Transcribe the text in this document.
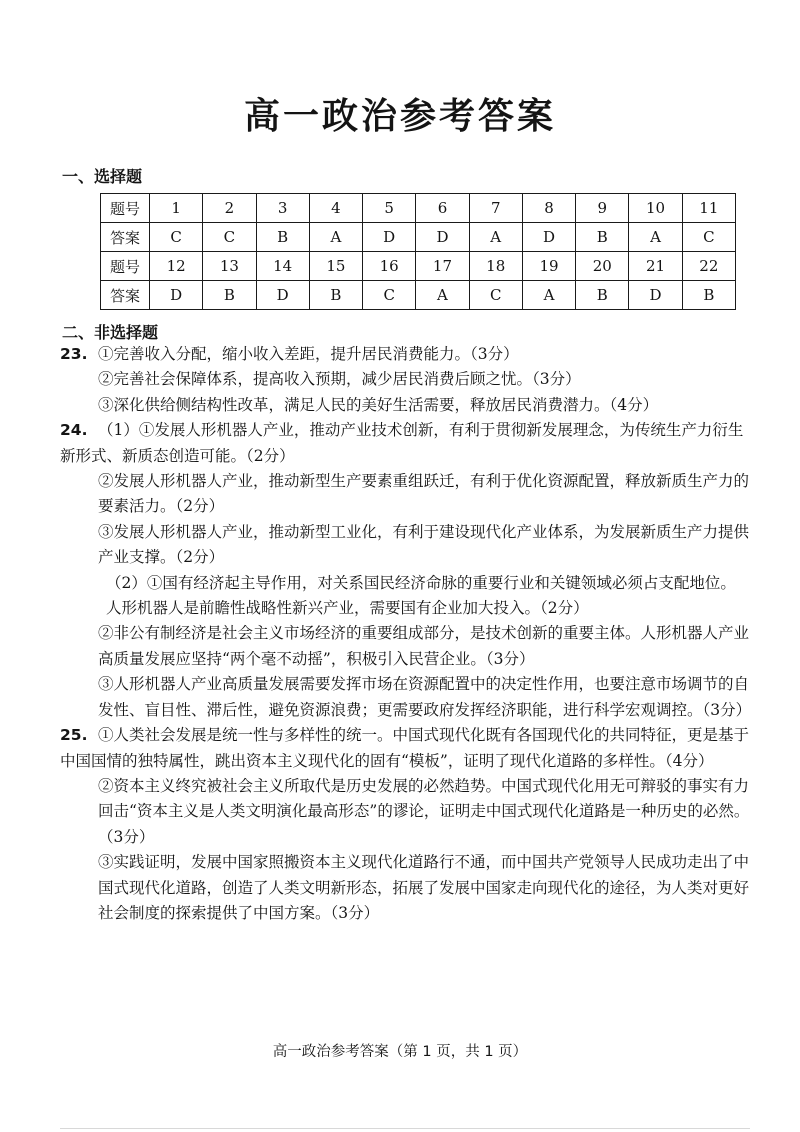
高一政治参考答案
一、选择题
题号	1	2	3	4	5	6	7	8	9	10	11
答案	C	C	B	A	D	D	A	D	B	A	C
题号	12	13	14	15	16	17	18	19	20	21	22
答案	D	B	D	B	C	A	C	A	B	D	B
二、非选择题

23. ①完善收入分配，缩小收入差距，提升居民消费能力。（3分）

②完善社会保障体系，提高收入预期，减少居民消费后顾之忧。（3分）

③深化供给侧结构性改革，满足人民的美好生活需要，释放居民消费潜力。（4分）

24. （1）①发展人形机器人产业，推动产业技术创新，有利于贯彻新发展理念，为传统生产力衍生新形式、新质态创造可能。（2分）

②发展人形机器人产业，推动新型生产要素重组跃迁，有利于优化资源配置，释放新质生产力的要素活力。（2分）

③发展人形机器人产业，推动新型工业化，有利于建设现代化产业体系，为发展新质生产力提供产业支撑。（2分）

（2）①国有经济起主导作用，对关系国民经济命脉的重要行业和关键领域必须占支配地位。人形机器人是前瞻性战略性新兴产业，需要国有企业加大投入。（2分）

②非公有制经济是社会主义市场经济的重要组成部分，是技术创新的重要主体。人形机器人产业高质量发展应坚持“两个毫不动摇”，积极引入民营企业。（3分）

③人形机器人产业高质量发展需要发挥市场在资源配置中的决定性作用，也要注意市场调节的自发性、盲目性、滞后性，避免资源浪费；更需要政府发挥经济职能，进行科学宏观调控。（3分）

25. ①人类社会发展是统一性与多样性的统一。中国式现代化既有各国现代化的共同特征，更是基于中国国情的独特属性，跳出资本主义现代化的固有“模板”，证明了现代化道路的多样性。（4分）

②资本主义终究被社会主义所取代是历史发展的必然趋势。中国式现代化用无可辩驳的事实有力回击“资本主义是人类文明演化最高形态”的谬论，证明走中国式现代化道路是一种历史的必然。（3分）

③实践证明，发展中国家照搬资本主义现代化道路行不通，而中国共产党领导人民成功走出了中国式现代化道路，创造了人类文明新形态，拓展了发展中国家走向现代化的途径，为人类对更好社会制度的探索提供了中国方案。（3分）

高一政治参考答案（第 1 页，共 1 页）
